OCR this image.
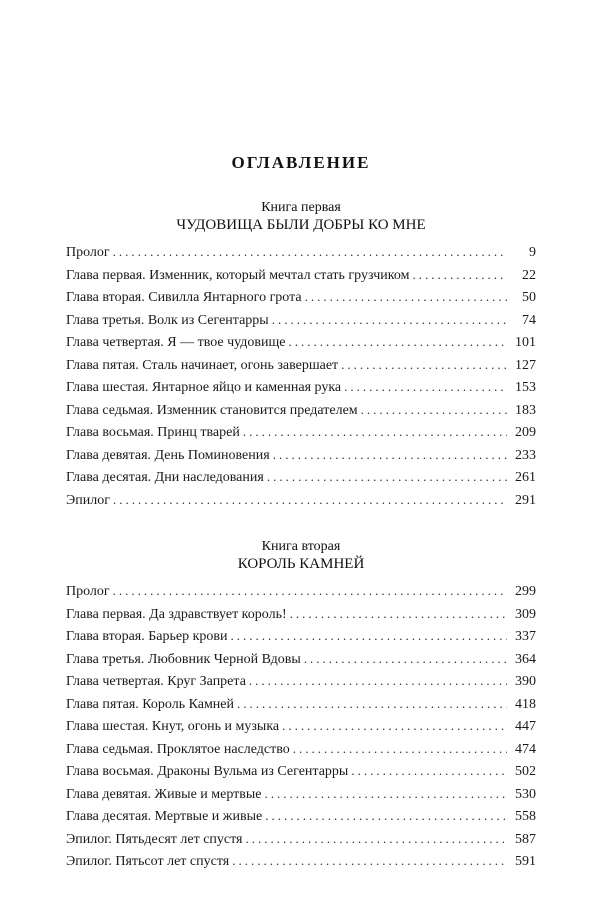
ОГЛАВЛЕНИЕ
Книга первая
ЧУДОВИЩА БЫЛИ ДОБРЫ КО МНЕ
Пролог .....	9
Глава первая. Изменник, который мечтал стать грузчиком .....	22
Глава вторая. Сивилла Янтарного грота .....	50
Глава третья. Волк из Сегентарры .....	74
Глава четвертая. Я — твое чудовище .....	101
Глава пятая. Сталь начинает, огонь завершает .....	127
Глава шестая. Янтарное яйцо и каменная рука .....	153
Глава седьмая. Изменник становится предателем .....	183
Глава восьмая. Принц тварей .....	209
Глава девятая. День Поминовения .....	233
Глава десятая. Дни наследования .....	261
Эпилог .....	291
Книга вторая
КОРОЛЬ КАМНЕЙ
Пролог .....	299
Глава первая. Да здравствует король! .....	309
Глава вторая. Барьер крови .....	337
Глава третья. Любовник Черной Вдовы .....	364
Глава четвертая. Круг Запрета .....	390
Глава пятая. Король Камней .....	418
Глава шестая. Кнут, огонь и музыка .....	447
Глава седьмая. Проклятое наследство .....	474
Глава восьмая. Драконы Вульма из Сегентарры .....	502
Глава девятая. Живые и мертвые .....	530
Глава десятая. Мертвые и живые .....	558
Эпилог. Пятьдесят лет спустя .....	587
Эпилог. Пятьсот лет спустя .....	591
